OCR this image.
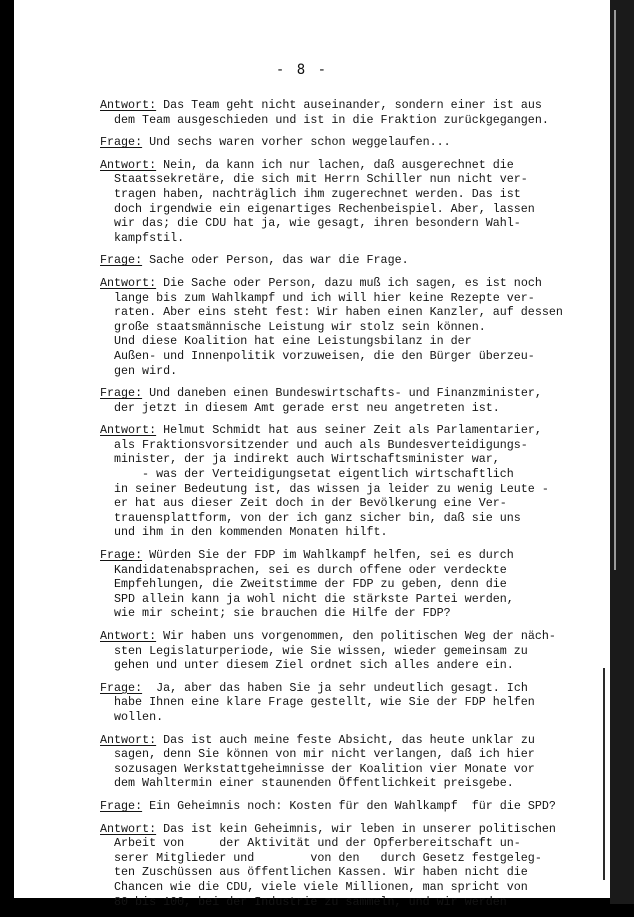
- 8 -
Antwort: Das Team geht nicht auseinander, sondern einer ist aus
dem Team ausgeschieden und ist in die Fraktion zurückgegangen.
Frage: Und sechs waren vorher schon weggelaufen...
Antwort: Nein, da kann ich nur lachen, daß ausgerechnet die
Staatssekretäre, die sich mit Herrn Schiller nun nicht ver-
tragen haben, nachträglich ihm zugerechnet werden. Das ist
doch irgendwie ein eigenartiges Rechenbeispiel. Aber, lassen
wir das; die CDU hat ja, wie gesagt, ihren besondern Wahl-
kampfstil.
Frage: Sache oder Person, das war die Frage.
Antwort: Die Sache oder Person, dazu muß ich sagen, es ist noch
lange bis zum Wahlkampf und ich will hier keine Rezepte ver-
raten. Aber eins steht fest: Wir haben einen Kanzler, auf dessen
große staatsmännische Leistung wir stolz sein können.
Und diese Koalition hat eine Leistungsbilanz in der
Außen- und Innenpolitik vorzuweisen, die den Bürger überzeu-
gen wird.
Frage: Und daneben einen Bundeswirtschafts- und Finanzminister,
der jetzt in diesem Amt gerade erst neu angetreten ist.
Antwort: Helmut Schmidt hat aus seiner Zeit als Parlamentarier,
als Fraktionsvorsitzender und auch als Bundesverteidigungs-
minister, der ja indirekt auch Wirtschaftsminister war,
- was der Verteidigungsetat eigentlich wirtschaftlich
in seiner Bedeutung ist, das wissen ja leider zu wenig Leute -
er hat aus dieser Zeit doch in der Bevölkerung eine Ver-
trauensplattform, von der ich ganz sicher bin, daß sie uns
und ihm in den kommenden Monaten hilft.
Frage: Würden Sie der FDP im Wahlkampf helfen, sei es durch
Kandidatenabsprachen, sei es durch offene oder verdeckte
Empfehlungen, die Zweitstimme der FDP zu geben, denn die
SPD allein kann ja wohl nicht die stärkste Partei werden,
wie mir scheint; sie brauchen die Hilfe der FDP?
Antwort: Wir haben uns vorgenommen, den politischen Weg der näch-
sten Legislaturperiode, wie Sie wissen, wieder gemeinsam zu
gehen und unter diesem Ziel ordnet sich alles andere ein.
Frage:  Ja, aber das haben Sie ja sehr undeutlich gesagt. Ich
habe Ihnen eine klare Frage gestellt, wie Sie der FDP helfen
wollen.
Antwort: Das ist auch meine feste Absicht, das heute unklar zu
sagen, denn Sie können von mir nicht verlangen, daß ich hier
sozusagen Werkstattgeheimnisse der Koalition vier Monate vor
dem Wahltermin einer staunenden Öffentlichkeit preisgebe.
Frage: Ein Geheimnis noch: Kosten für den Wahlkampf  für die SPD?
Antwort: Das ist kein Geheimnis, wir leben in unserer politischen
Arbeit von     der Aktivität und der Opferbereitschaft un-
serer Mitglieder und        von den   durch Gesetz festgeleg-
ten Zuschüssen aus öffentlichen Kassen. Wir haben nicht die
Chancen wie die CDU, viele viele Millionen, man spricht von
80 bis 100, bei der Industrie zu sammeln, und wir werden
